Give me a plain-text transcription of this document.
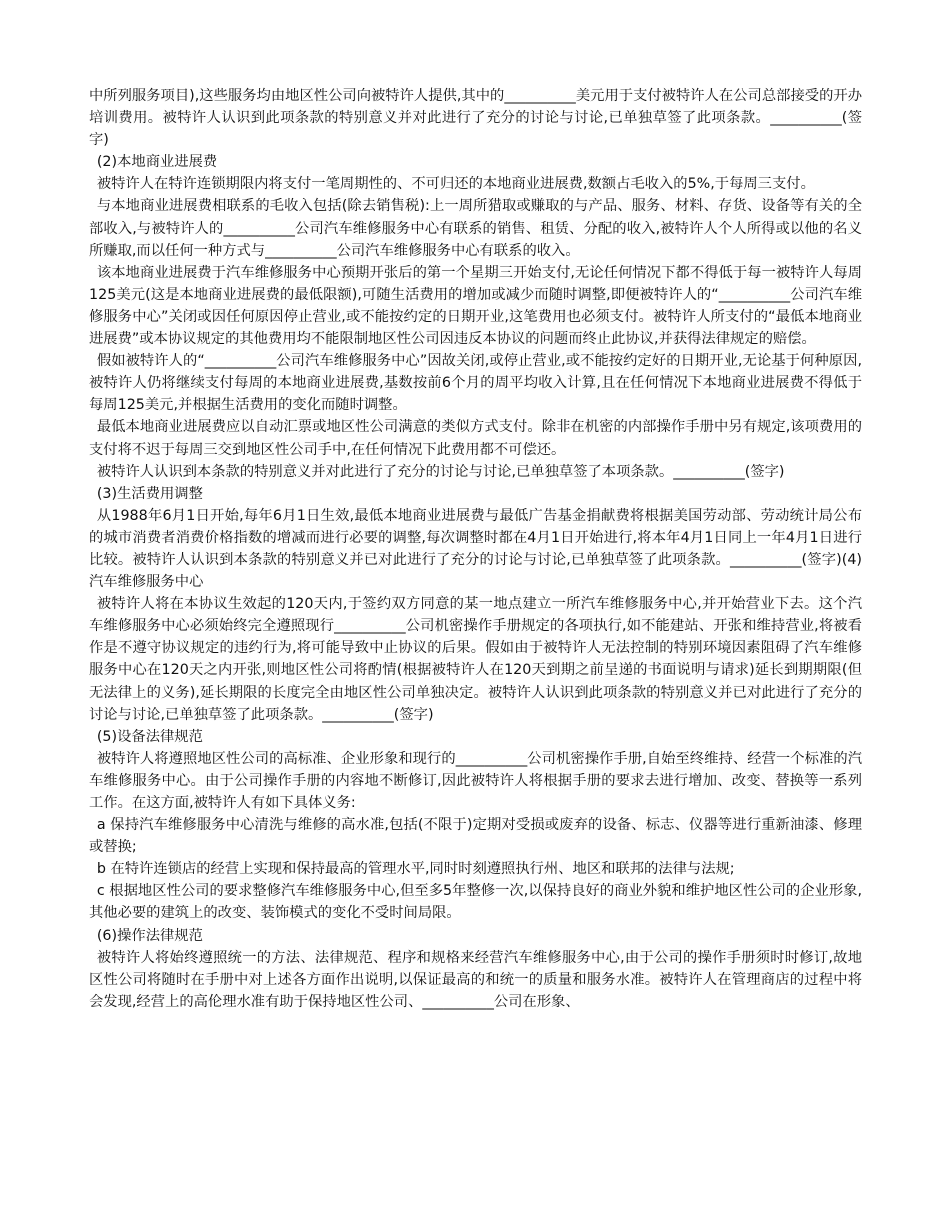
中所列服务项目),这些服务均由地区性公司向被特许人提供,其中的__________美元用于支付被特许人在公司总部接受的开办培训费用。被特许人认识到此项条款的特别意义并对此进行了充分的讨论与讨论,已单独草签了此项条款。__________(签字)

(2)本地商业进展费

被特许人在特许连锁期限内将支付一笔周期性的、不可归还的本地商业进展费,数额占毛收入的5%,于每周三支付。

与本地商业进展费相联系的毛收入包括(除去销售税):上一周所猎取或赚取的与产品、服务、材料、存货、设备等有关的全部收入,与被特许人的__________公司汽车维修服务中心有联系的销售、租赁、分配的收入,被特许人个人所得或以他的名义所赚取,而以任何一种方式与__________公司汽车维修服务中心有联系的收入。

该本地商业进展费于汽车维修服务中心预期开张后的第一个星期三开始支付,无论任何情况下都不得低于每一被特许人每周125美元(这是本地商业进展费的最低限额),可随生活费用的增加或减少而随时调整,即便被特许人的“__________公司汽车维修服务中心”关闭或因任何原因停止营业,或不能按约定的日期开业,这笔费用也必须支付。被特许人所支付的“最低本地商业进展费”或本协议规定的其他费用均不能限制地区性公司因违反本协议的问题而终止此协议,并获得法律规定的赔偿。

假如被特许人的“__________公司汽车维修服务中心”因故关闭,或停止营业,或不能按约定好的日期开业,无论基于何种原因,被特许人仍将继续支付每周的本地商业进展费,基数按前6个月的周平均收入计算,且在任何情况下本地商业进展费不得低于每周125美元,并根据生活费用的变化而随时调整。

最低本地商业进展费应以自动汇票或地区性公司满意的类似方式支付。除非在机密的内部操作手册中另有规定,该项费用的支付将不迟于每周三交到地区性公司手中,在任何情况下此费用都不可偿还。

被特许人认识到本条款的特别意义并对此进行了充分的讨论与讨论,已单独草签了本项条款。__________(签字)

(3)生活费用调整

从1988年6月1日开始,每年6月1日生效,最低本地商业进展费与最低广告基金捐献费将根据美国劳动部、劳动统计局公布的城市消费者消费价格指数的增减而进行必要的调整,每次调整时都在4月1日开始进行,将本年4月1日同上一年4月1日进行比较。被特许人认识到本条款的特别意义并已对此进行了充分的讨论与讨论,已单独草签了此项条款。__________(签字)(4)汽车维修服务中心

被特许人将在本协议生效起的120天内,于签约双方同意的某一地点建立一所汽车维修服务中心,并开始营业下去。这个汽车维修服务中心必须始终完全遵照现行__________公司机密操作手册规定的各项执行,如不能建站、开张和维持营业,将被看作是不遵守协议规定的违约行为,将可能导致中止协议的后果。假如由于被特许人无法控制的特别环境因素阻碍了汽车维修服务中心在120天之内开张,则地区性公司将酌情(根据被特许人在120天到期之前呈递的书面说明与请求)延长到期期限(但无法律上的义务),延长期限的长度完全由地区性公司单独决定。被特许人认识到此项条款的特别意义并已对此进行了充分的讨论与讨论,已单独草签了此项条款。__________(签字)

(5)设备法律规范

被特许人将遵照地区性公司的高标准、企业形象和现行的__________公司机密操作手册,自始至终维持、经营一个标准的汽车维修服务中心。由于公司操作手册的内容地不断修订,因此被特许人将根据手册的要求去进行增加、改变、替换等一系列工作。在这方面,被特许人有如下具体义务:

a 保持汽车维修服务中心清洗与维修的高水准,包括(不限于)定期对受损或废弃的设备、标志、仪器等进行重新油漆、修理或替换;

b 在特许连锁店的经营上实现和保持最高的管理水平,同时时刻遵照执行州、地区和联邦的法律与法规;

c 根据地区性公司的要求整修汽车维修服务中心,但至多5年整修一次,以保持良好的商业外貌和维护地区性公司的企业形象,其他必要的建筑上的改变、装饰模式的变化不受时间局限。

(6)操作法律规范

被特许人将始终遵照统一的方法、法律规范、程序和规格来经营汽车维修服务中心,由于公司的操作手册须时时修订,故地区性公司将随时在手册中对上述各方面作出说明,以保证最高的和统一的质量和服务水准。被特许人在管理商店的过程中将会发现,经营上的高伦理水准有助于保持地区性公司、__________公司在形象、
